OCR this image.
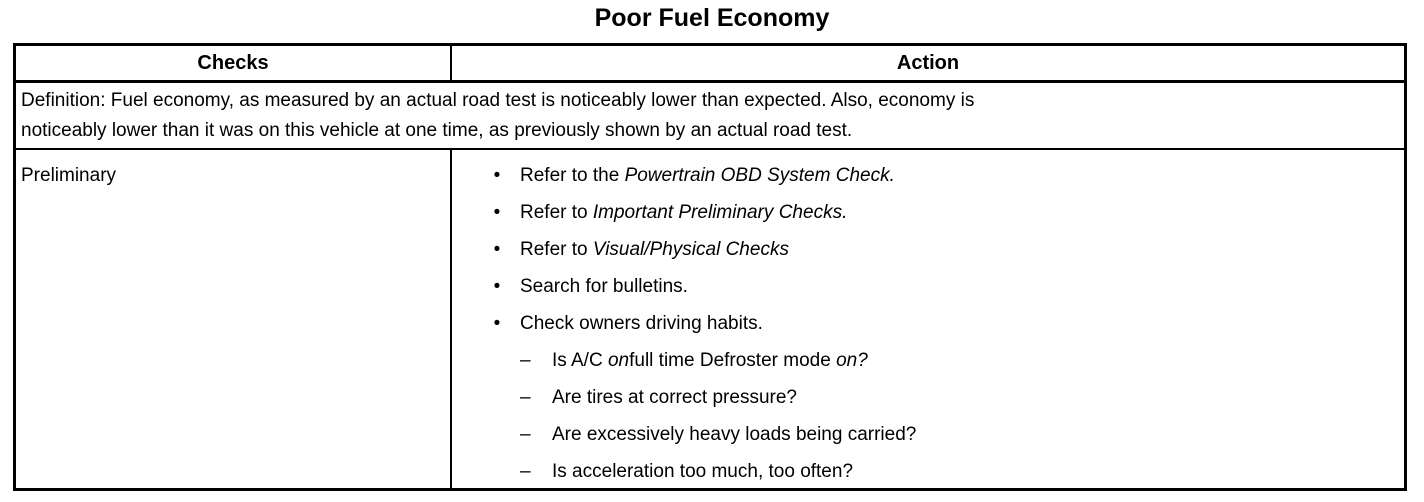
Poor Fuel Economy
Checks	Action
Definition: Fuel economy, as measured by an actual road test is noticeably lower than expected. Also, economy is
noticeably lower than it was on this vehicle at one time, as previously shown by an actual road test.
Preliminary	• Refer to the Powertrain OBD System Check.
• Refer to Important Preliminary Checks.
• Refer to Visual/Physical Checks
• Search for bulletins.
• Check owners driving habits.
– Is A/C onfull time Defroster mode on?
– Are tires at correct pressure?
– Are excessively heavy loads being carried?
– Is acceleration too much, too often?
